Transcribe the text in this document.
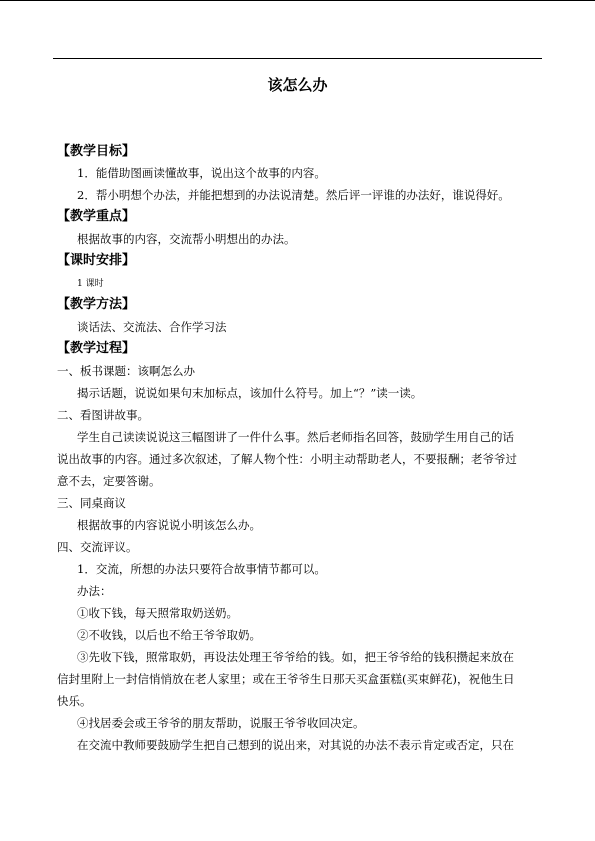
该怎么办
【教学目标】
1．能借助图画读懂故事，说出这个故事的内容。
2．帮小明想个办法，并能把想到的办法说清楚。然后评一评谁的办法好，谁说得好。
【教学重点】
根据故事的内容，交流帮小明想出的办法。
【课时安排】
1 课时
【教学方法】
谈话法、交流法、合作学习法
【教学过程】
一、板书课题：该啊怎么办
揭示话题，说说如果句末加标点，该加什么符号。加上“？”读一读。
二、看图讲故事。
学生自己读读说说这三幅图讲了一件什么事。然后老师指名回答，鼓励学生用自己的话
说出故事的内容。通过多次叙述，了解人物个性：小明主动帮助老人，不要报酬；老爷爷过
意不去，定要答谢。
三、同桌商议
根据故事的内容说说小明该怎么办。
四、交流评议。
1．交流，所想的办法只要符合故事情节都可以。
办法：
①收下钱，每天照常取奶送奶。
②不收钱，以后也不给王爷爷取奶。
③先收下钱，照常取奶，再设法处理王爷爷给的钱。如，把王爷爷给的钱积攒起来放在
信封里附上一封信悄悄放在老人家里；或在王爷爷生日那天买盒蛋糕(买束鲜花)，祝他生日
快乐。
④找居委会或王爷爷的朋友帮助，说服王爷爷收回决定。
在交流中教师要鼓励学生把自己想到的说出来，对其说的办法不表示肯定或否定，只在
